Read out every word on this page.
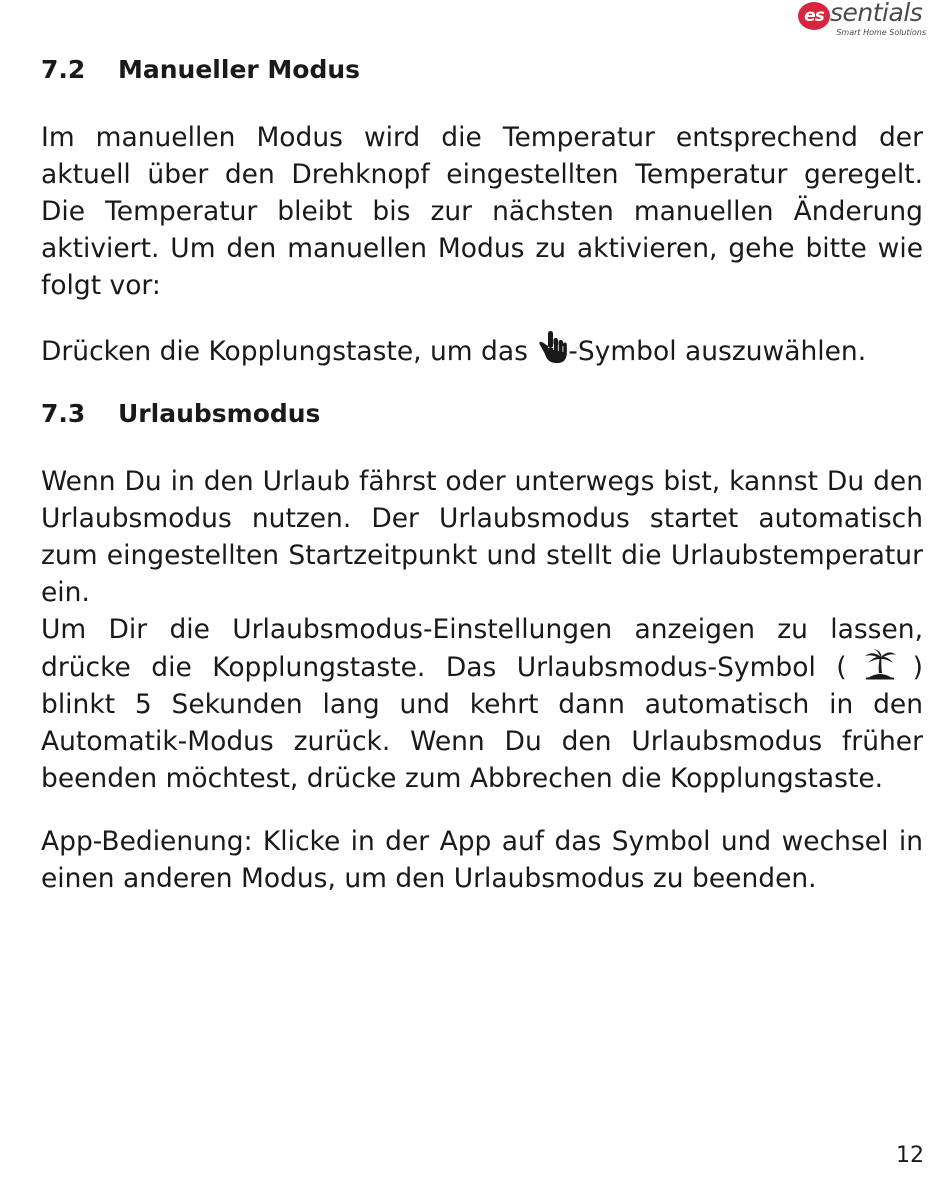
es sentials
Smart Home Solutions
7.2 Manueller Modus

Im manuellen Modus wird die Temperatur entsprechend der aktuell über den Drehknopf eingestellten Temperatur geregelt. Die Temperatur bleibt bis zur nächsten manuellen Änderung aktiviert. Um den manuellen Modus zu aktivieren, gehe bitte wie folgt vor:

Drücken die Kopplungstaste, um das -Symbol auszuwählen.

7.3 Urlaubsmodus

Wenn Du in den Urlaub fährst oder unterwegs bist, kannst Du den Urlaubsmodus nutzen. Der Urlaubsmodus startet automatisch zum eingestellten Startzeitpunkt und stellt die Urlaubstemperatur ein.

Um Dir die Urlaubsmodus-Einstellungen anzeigen zu lassen, drücke die Kopplungstaste. Das Urlaubsmodus-Symbol ( ) blinkt 5 Sekunden lang und kehrt dann automatisch in den Automatik-Modus zurück. Wenn Du den Urlaubsmodus früher beenden möchtest, drücke zum Abbrechen die Kopplungstaste.

App-Bedienung: Klicke in der App auf das Symbol und wechsel in einen anderen Modus, um den Urlaubsmodus zu beenden.

12
